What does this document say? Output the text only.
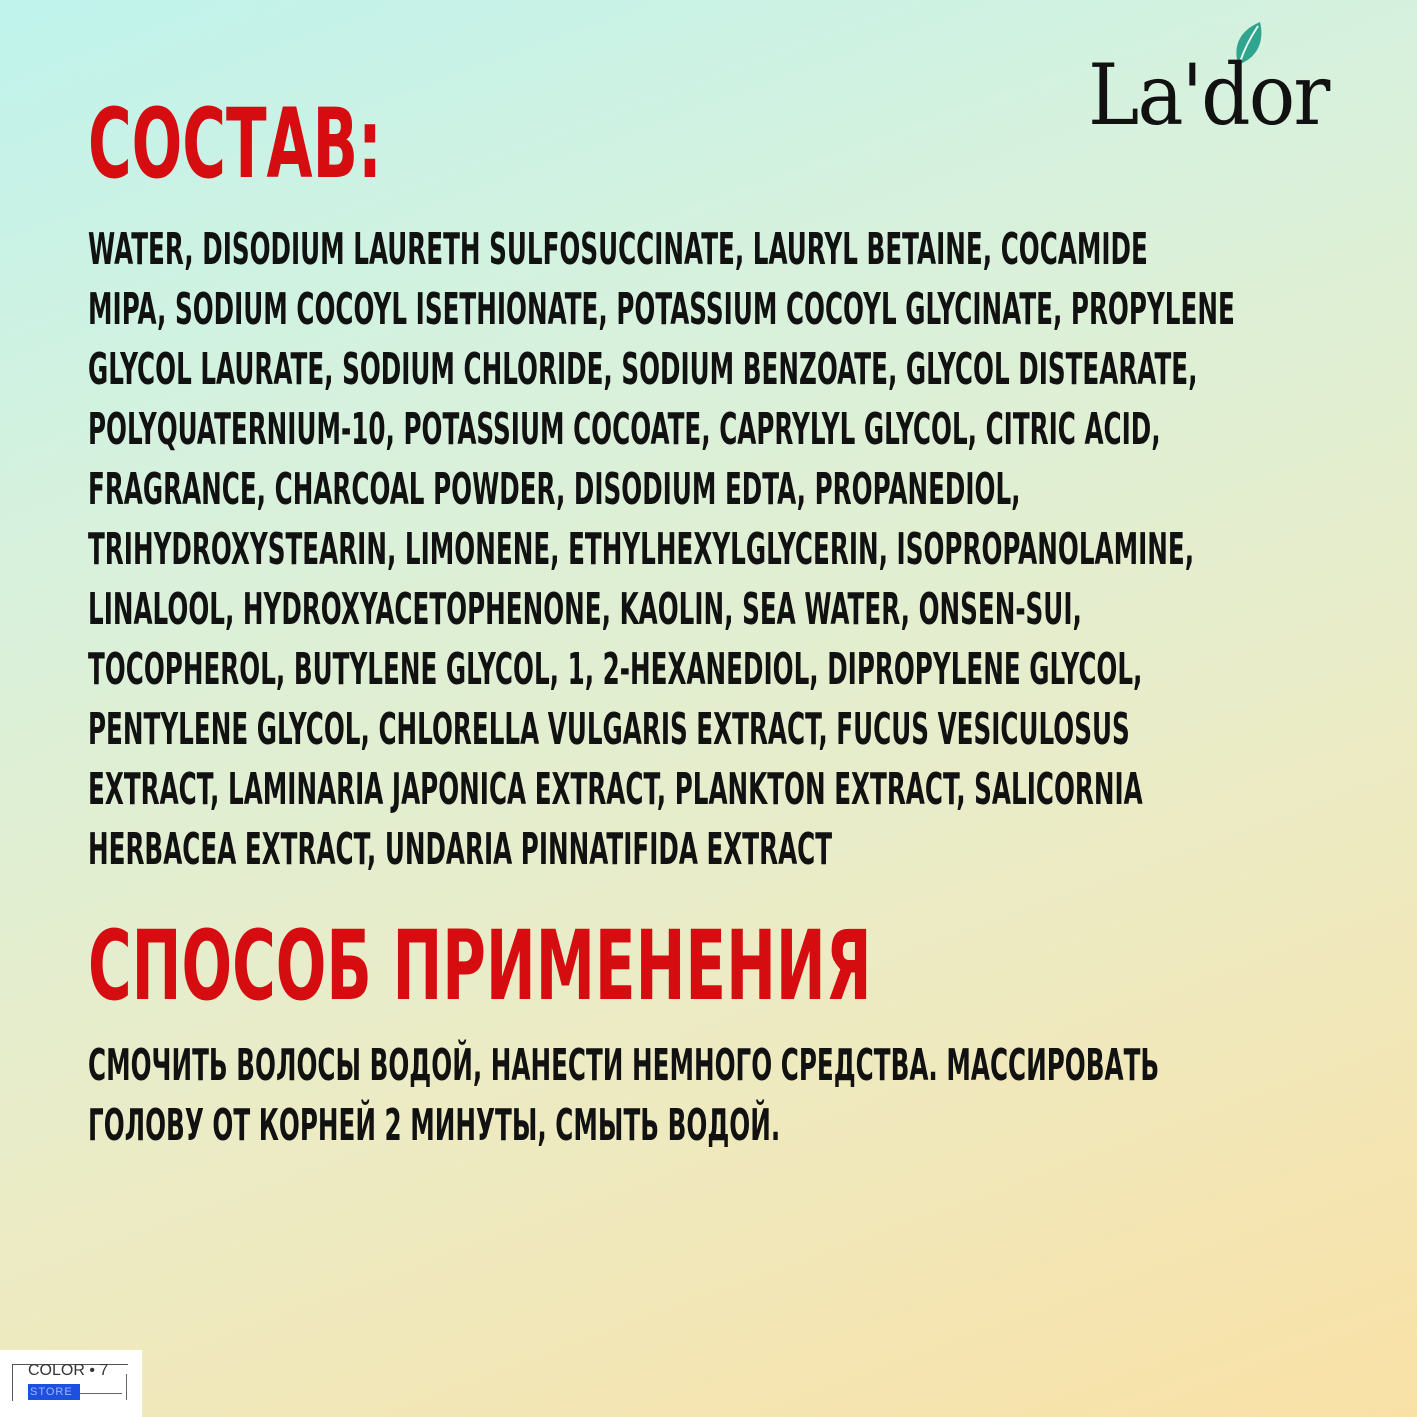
La'dor
СОСТАВ:
WATER, DISODIUM LAURETH SULFOSUCCINATE, LAURYL BETAINE, COCAMIDE
MIPA, SODIUM COCOYL ISETHIONATE, POTASSIUM COCOYL GLYCINATE, PROPYLENE
GLYCOL LAURATE, SODIUM CHLORIDE, SODIUM BENZOATE, GLYCOL DISTEARATE,
POLYQUATERNIUM-10, POTASSIUM COCOATE, CAPRYLYL GLYCOL, CITRIC ACID,
FRAGRANCE, CHARCOAL POWDER, DISODIUM EDTA, PROPANEDIOL,
TRIHYDROXYSTEARIN, LIMONENE, ETHYLHEXYLGLYCERIN, ISOPROPANOLAMINE,
LINALOOL, HYDROXYACETOPHENONE, KAOLIN, SEA WATER, ONSEN-SUI,
TOCOPHEROL, BUTYLENE GLYCOL, 1, 2-HEXANEDIOL, DIPROPYLENE GLYCOL,
PENTYLENE GLYCOL, CHLORELLA VULGARIS EXTRACT, FUCUS VESICULOSUS
EXTRACT, LAMINARIA JAPONICA EXTRACT, PLANKTON EXTRACT, SALICORNIA
HERBACEA EXTRACT, UNDARIA PINNATIFIDA EXTRACT
СПОСОБ ПРИМЕНЕНИЯ
СМОЧИТЬ ВОЛОСЫ ВОДОЙ, НАНЕСТИ НЕМНОГО СРЕДСТВА. МАССИРОВАТЬ
ГОЛОВУ ОТ КОРНЕЙ 2 МИНУТЫ, СМЫТЬ ВОДОЙ.
COLOR • 7
STORE
